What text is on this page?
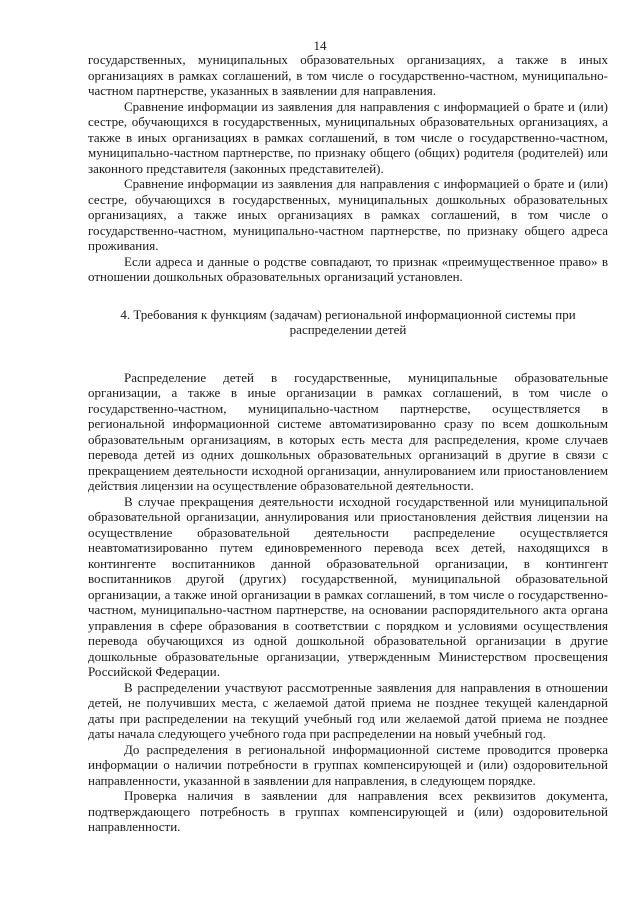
14

государственных, муниципальных образовательных организациях, а также в иных организациях в рамках соглашений, в том числе о государственно-частном, муниципально-частном партнерстве, указанных в заявлении для направления.

Сравнение информации из заявления для направления с информацией о брате и (или) сестре, обучающихся в государственных, муниципальных образовательных организациях, а также в иных организациях в рамках соглашений, в том числе о государственно-частном, муниципально-частном партнерстве, по признаку общего (общих) родителя (родителей) или законного представителя (законных представителей).

Сравнение информации из заявления для направления с информацией о брате и (или) сестре, обучающихся в государственных, муниципальных дошкольных образовательных организациях, а также иных организациях в рамках соглашений, в том числе о государственно-частном, муниципально-частном партнерстве, по признаку общего адреса проживания.

Если адреса и данные о родстве совпадают, то признак «преимущественное право» в отношении дошкольных образовательных организаций установлен.

4. Требования к функциям (задачам) региональной информационной системы при распределении детей

Распределение детей в государственные, муниципальные образовательные организации, а также в иные организации в рамках соглашений, в том числе о государственно-частном, муниципально-частном партнерстве, осуществляется в региональной информационной системе автоматизированно сразу по всем дошкольным образовательным организациям, в которых есть места для распределения, кроме случаев перевода детей из одних дошкольных образовательных организаций в другие в связи с прекращением деятельности исходной организации, аннулированием или приостановлением действия лицензии на осуществление образовательной деятельности.

В случае прекращения деятельности исходной государственной или муниципальной образовательной организации, аннулирования или приостановления действия лицензии на осуществление образовательной деятельности распределение осуществляется неавтоматизированно путем единовременного перевода всех детей, находящихся в контингенте воспитанников данной образовательной организации, в контингент воспитанников другой (других) государственной, муниципальной образовательной организации, а также иной организации в рамках соглашений, в том числе о государственно-частном, муниципально-частном партнерстве, на основании распорядительного акта органа управления в сфере образования в соответствии с порядком и условиями осуществления перевода обучающихся из одной дошкольной образовательной организации в другие дошкольные образовательные организации, утвержденным Министерством просвещения Российской Федерации.

В распределении участвуют рассмотренные заявления для направления в отношении детей, не получивших места, с желаемой датой приема не позднее текущей календарной даты при распределении на текущий учебный год или желаемой датой приема не позднее даты начала следующего учебного года при распределении на новый учебный год.

До распределения в региональной информационной системе проводится проверка информации о наличии потребности в группах компенсирующей и (или) оздоровительной направленности, указанной в заявлении для направления, в следующем порядке.

Проверка наличия в заявлении для направления всех реквизитов документа, подтверждающего потребность в группах компенсирующей и (или) оздоровительной направленности.
